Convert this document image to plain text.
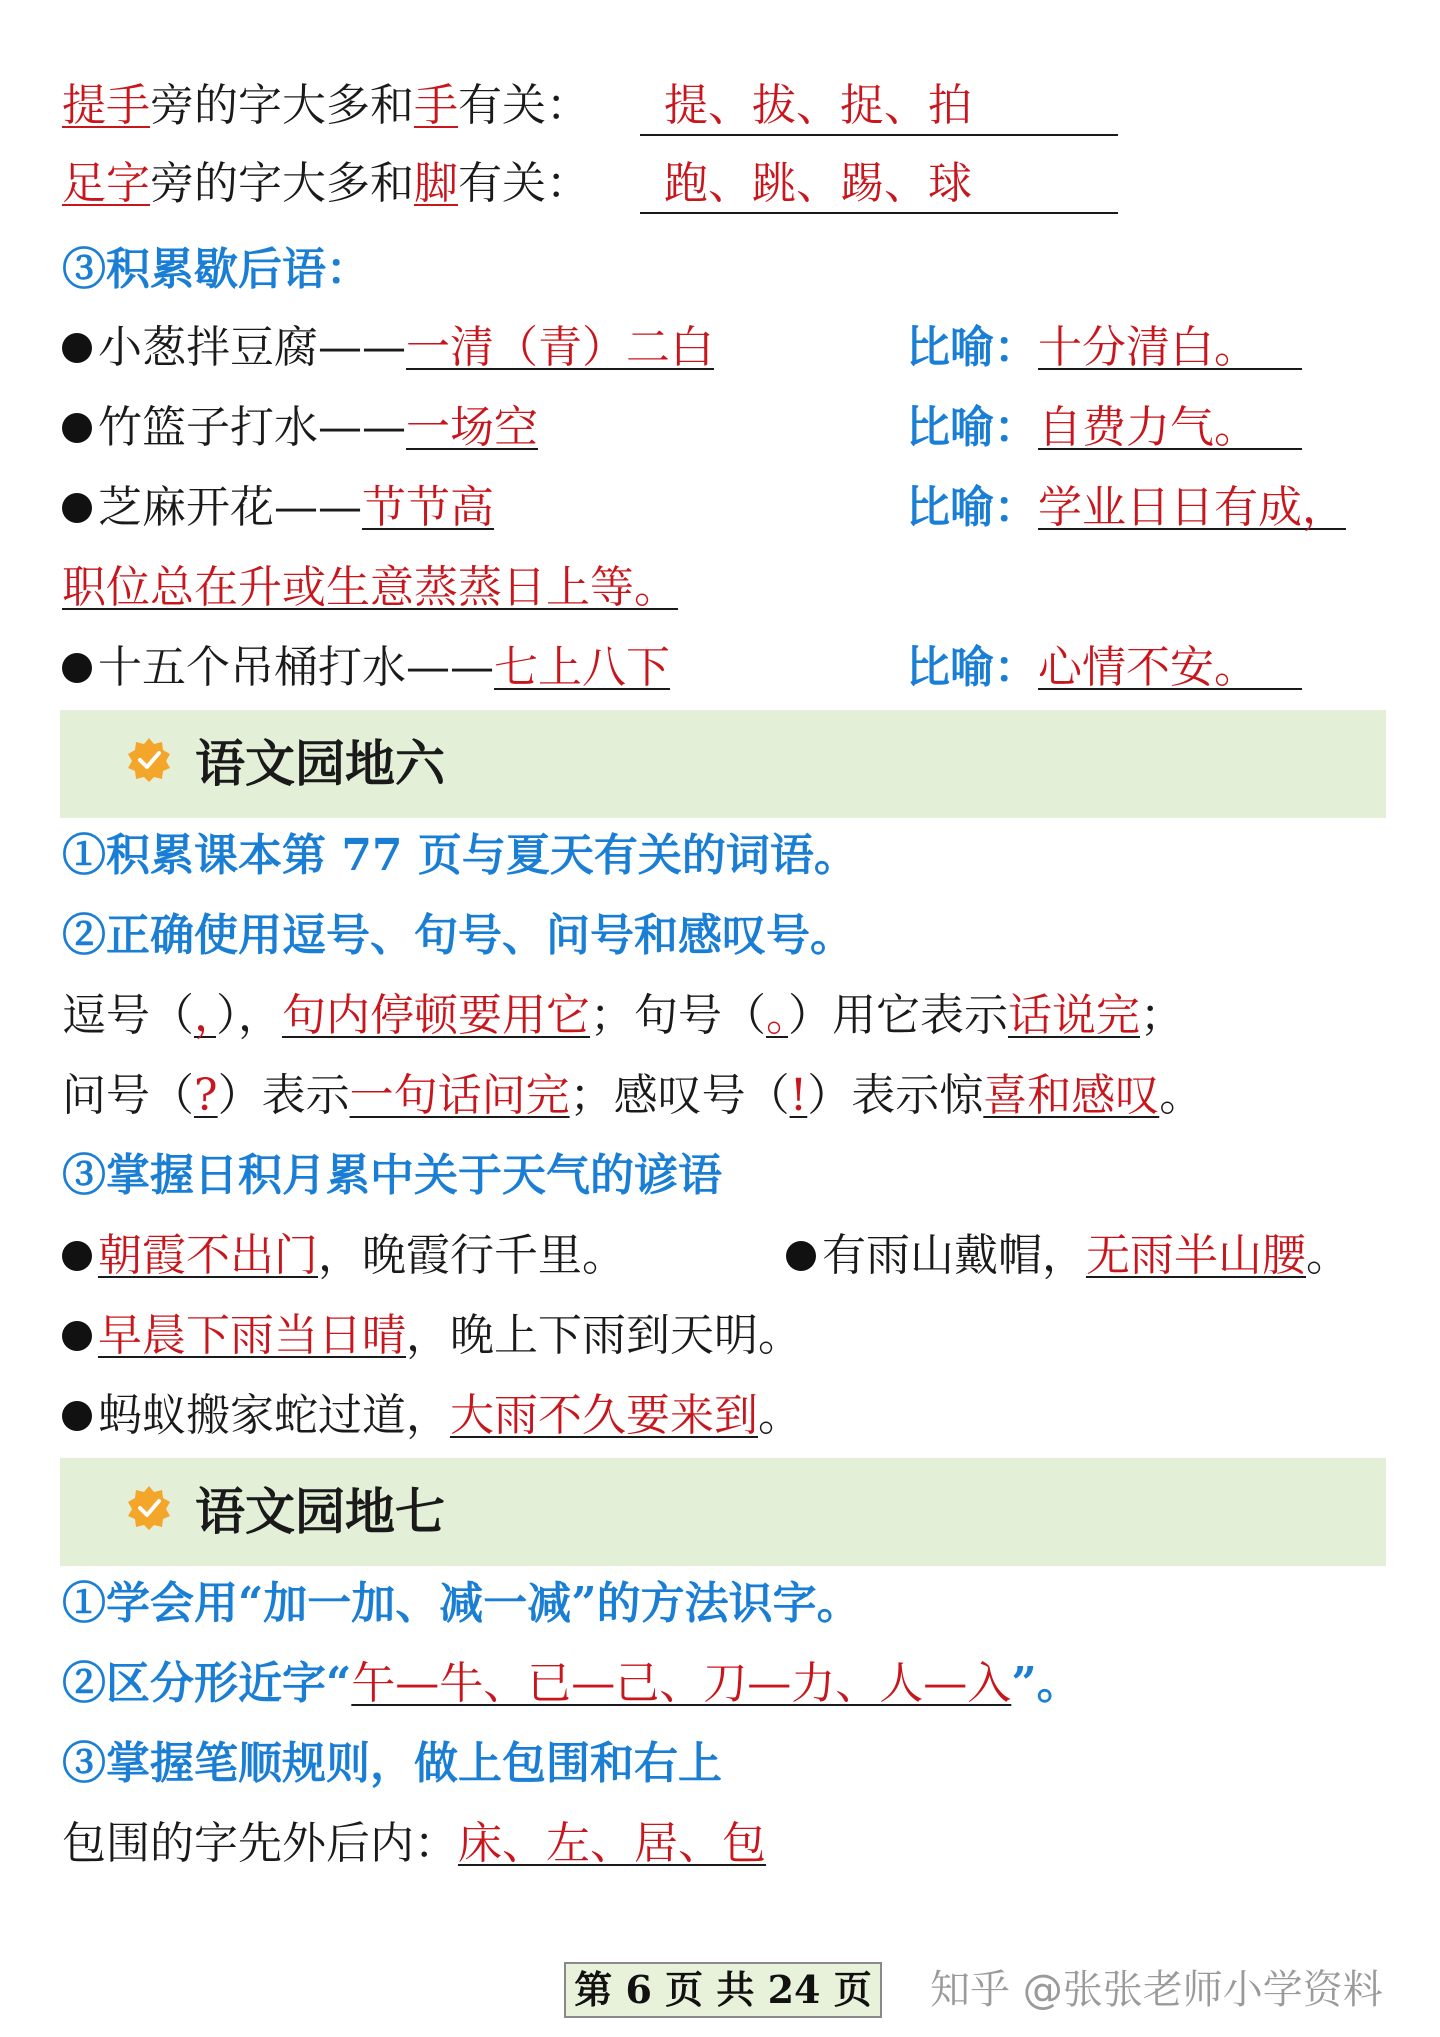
提手旁的字大多和手有关：	提、拔、捉、拍
足字旁的字大多和脚有关：	跑、跳、踢、球
③积累歇后语：
小葱拌豆腐——一清（青）二白	比喻：十分清白。
竹篮子打水——一场空	比喻：自费力气。
芝麻开花——节节高	比喻：学业日日有成，
职位总在升或生意蒸蒸日上等。
十五个吊桶打水——七上八下	比喻：心情不安。
语文园地六
①积累课本第 77 页与夏天有关的词语。
②正确使用逗号、句号、问号和感叹号。
逗号（，），句内停顿要用它；句号（。）用它表示话说完；
问号（?）表示一句话问完；感叹号（!）表示惊喜和感叹。
③掌握日积月累中关于天气的谚语
朝霞不出门，晚霞行千里。	有雨山戴帽，无雨半山腰。
早晨下雨当日晴，晚上下雨到天明。
蚂蚁搬家蛇过道，大雨不久要来到。
语文园地七
①学会用“加一加、减一减”的方法识字。
②区分形近字“午—牛、已—己、刀—力、人—入”。
③掌握笔顺规则，做上包围和右上
包围的字先外后内：床、左、居、包
第 6 页 共 24 页 知乎 @张张老师小学资料
